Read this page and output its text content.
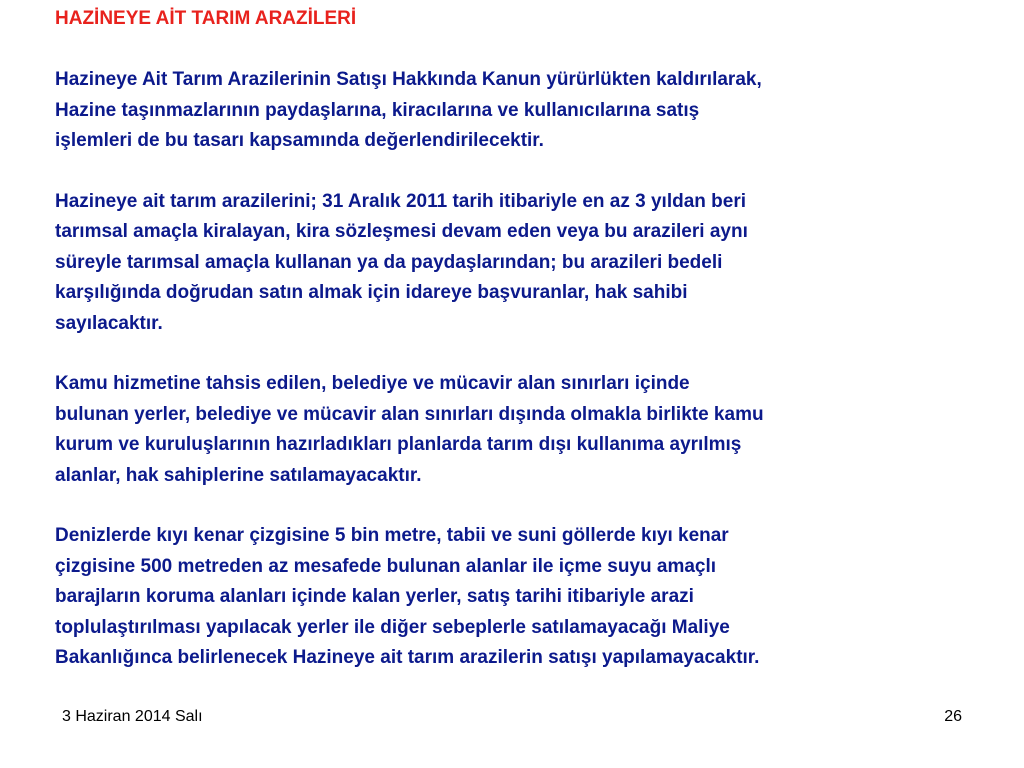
HAZİNEYE AİT TARIM ARAZİLERİ

Hazineye Ait Tarım Arazilerinin Satışı Hakkında Kanun yürürlükten kaldırılarak,
Hazine taşınmazlarının paydaşlarına, kiracılarına ve kullanıcılarına satış
işlemleri de bu tasarı kapsamında değerlendirilecektir.

Hazineye ait tarım arazilerini; 31 Aralık 2011 tarih itibariyle en az 3 yıldan beri
tarımsal amaçla kiralayan, kira sözleşmesi devam eden veya bu arazileri aynı
süreyle tarımsal amaçla kullanan ya da paydaşlarından; bu arazileri bedeli
karşılığında doğrudan satın almak için idareye başvuranlar, hak sahibi
sayılacaktır.

Kamu hizmetine tahsis edilen, belediye ve mücavir alan sınırları içinde
bulunan yerler, belediye ve mücavir alan sınırları dışında olmakla birlikte kamu
kurum ve kuruluşlarının hazırladıkları planlarda tarım dışı kullanıma ayrılmış
alanlar, hak sahiplerine satılamayacaktır.

Denizlerde kıyı kenar çizgisine 5 bin metre, tabii ve suni göllerde kıyı kenar
çizgisine 500 metreden az mesafede bulunan alanlar ile içme suyu amaçlı
barajların koruma alanları içinde kalan yerler, satış tarihi itibariyle arazi
toplulaştırılması yapılacak yerler ile diğer sebeplerle satılamayacağı Maliye
Bakanlığınca belirlenecek Hazineye ait tarım arazilerin satışı yapılamayacaktır.

3 Haziran 2014 Salı	26
